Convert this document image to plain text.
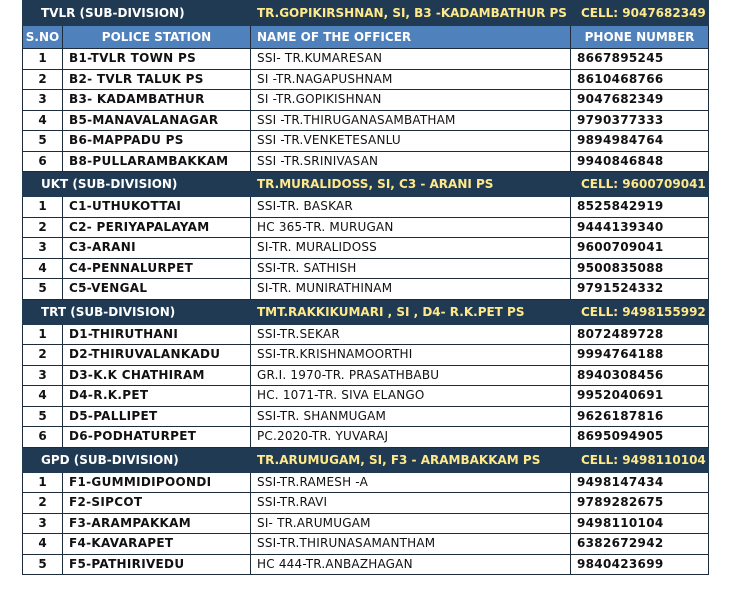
TVLR (SUB-DIVISION)		TR.GOPIKIRSHNAN, SI, B3 -KADAMBATHUR PS	CELL: 9047682349
S.NO	POLICE STATION	NAME OF THE OFFICER	PHONE NUMBER
1	B1-TVLR TOWN PS	SSI- TR.KUMARESAN	8667895245
2	B2- TVLR TALUK PS	SI -TR.NAGAPUSHNAM	8610468766
3	B3- KADAMBATHUR	SI -TR.GOPIKISHNAN	9047682349
4	B5-MANAVALANAGAR	SSI -TR.THIRUGANASAMBATHAM	9790377333
5	B6-MAPPADU PS	SSI -TR.VENKETESANLU	9894984764
6	B8-PULLARAMBAKKAM	SSI -TR.SRINIVASAN	9940846848
UKT (SUB-DIVISION)		TR.MURALIDOSS, SI, C3 - ARANI PS	CELL: 9600709041
1	C1-UTHUKOTTAI	SSI-TR. BASKAR	8525842919
2	C2- PERIYAPALAYAM	HC 365-TR. MURUGAN	9444139340
3	C3-ARANI	SI-TR. MURALIDOSS	9600709041
4	C4-PENNALURPET	SSI-TR. SATHISH	9500835088
5	C5-VENGAL	SI-TR. MUNIRATHINAM	9791524332
TRT (SUB-DIVISION)		TMT.RAKKIKUMARI , SI , D4- R.K.PET PS	CELL: 9498155992
1	D1-THIRUTHANI	SSI-TR.SEKAR	8072489728
2	D2-THIRUVALANKADU	SSI-TR.KRISHNAMOORTHI	9994764188
3	D3-K.K CHATHIRAM	GR.I. 1970-TR. PRASATHBABU	8940308456
4	D4-R.K.PET	HC. 1071-TR. SIVA ELANGO	9952040691
5	D5-PALLIPET	SSI-TR. SHANMUGAM	9626187816
6	D6-PODHATURPET	PC.2020-TR. YUVARAJ	8695094905
GPD (SUB-DIVISION)		TR.ARUMUGAM, SI, F3 - ARAMBAKKAM PS	CELL: 9498110104
1	F1-GUMMIDIPOONDI	SSI-TR.RAMESH -A	9498147434
2	F2-SIPCOT	SSI-TR.RAVI	9789282675
3	F3-ARAMPAKKAM	SI- TR.ARUMUGAM	9498110104
4	F4-KAVARAPET	SSI-TR.THIRUNASAMANTHAM	6382672942
5	F5-PATHIRIVEDU	HC 444-TR.ANBAZHAGAN	9840423699
